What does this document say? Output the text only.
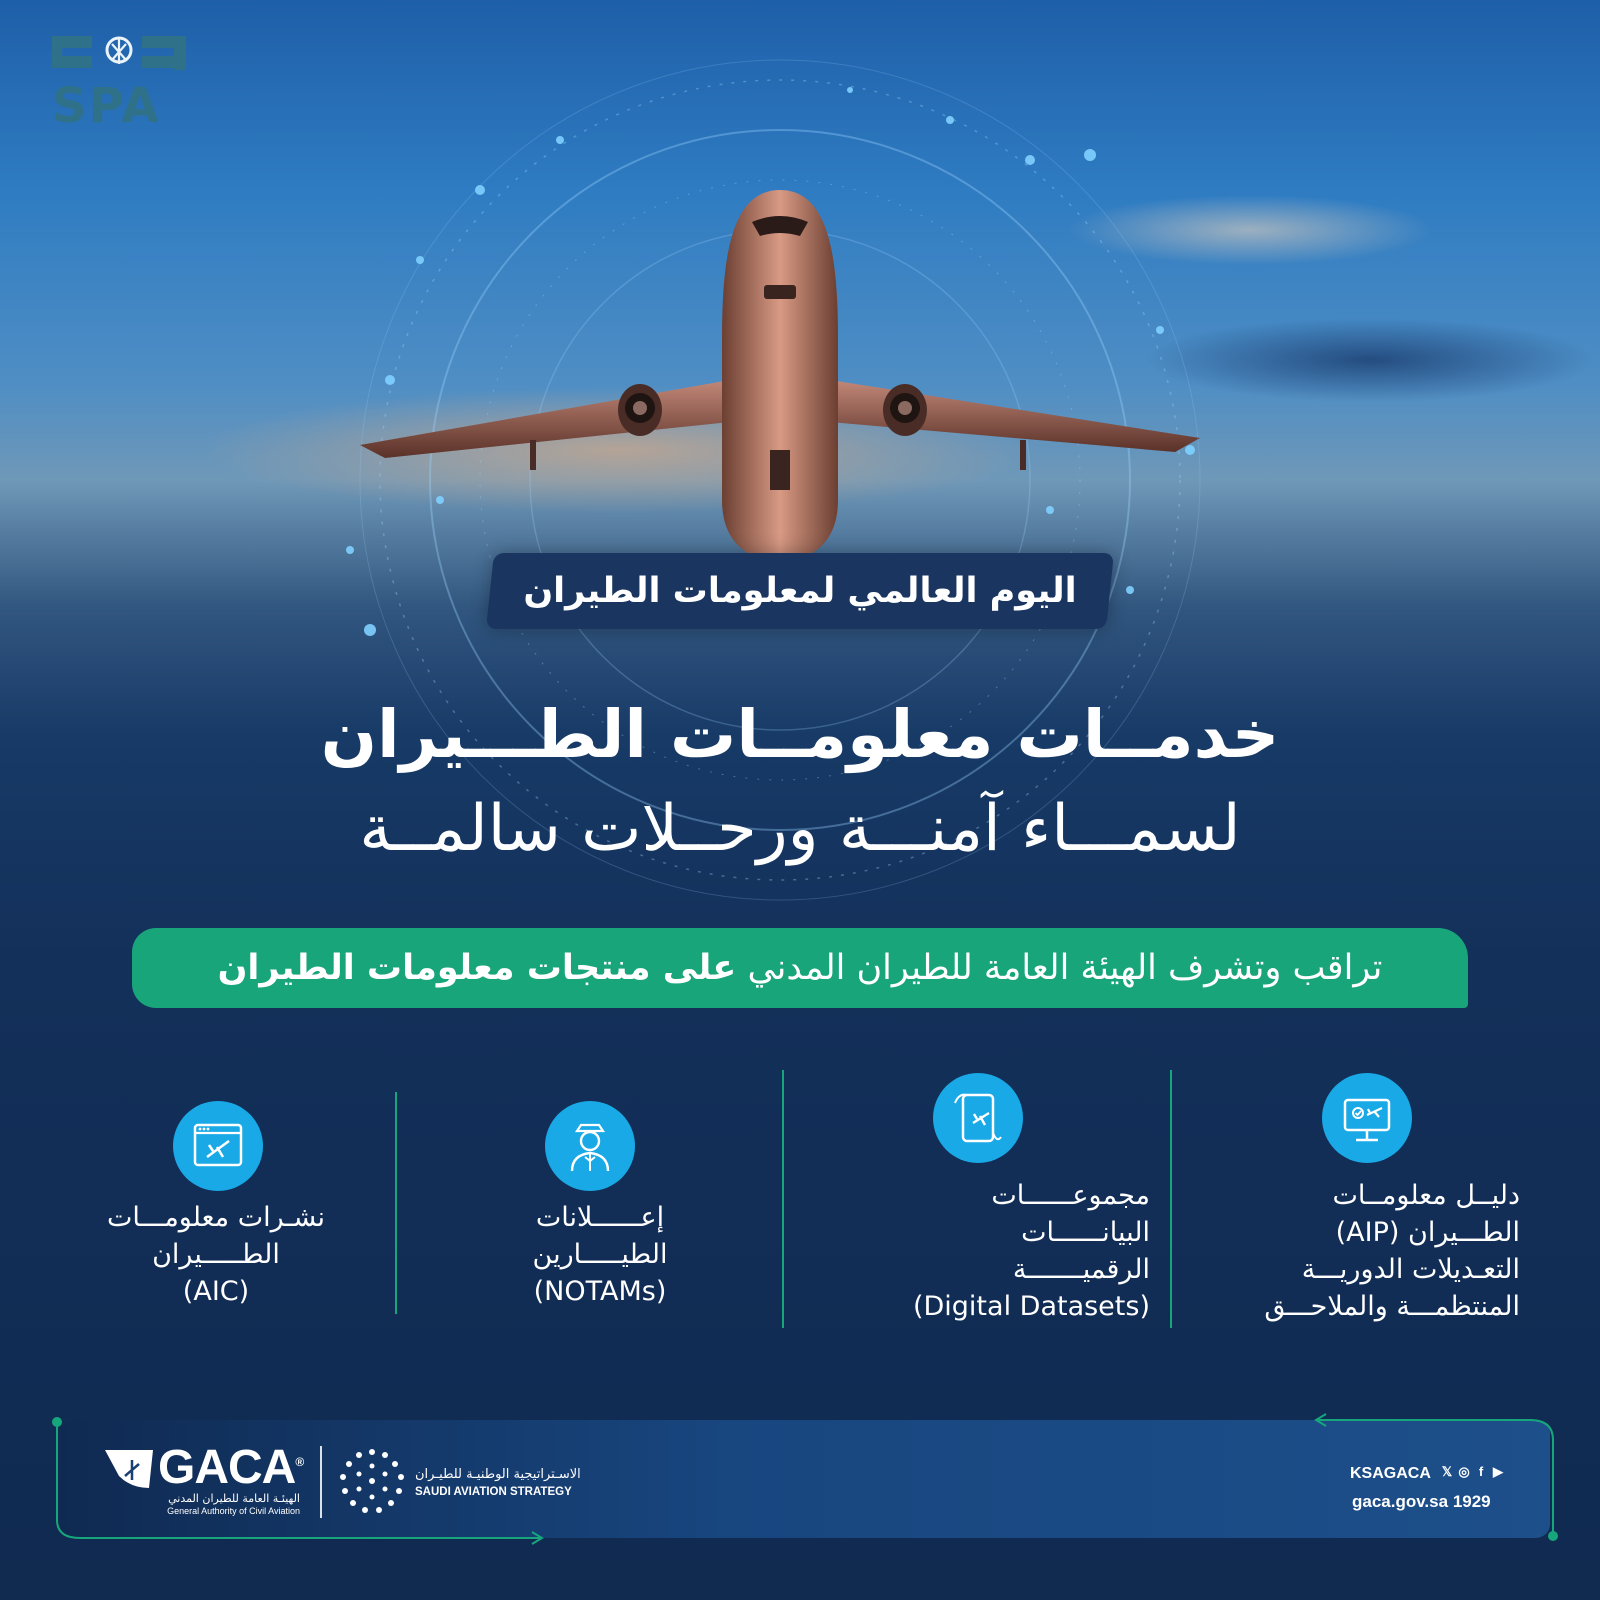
SPA
اليوم العالمي لمعلومات الطيران
خدمــات معلومــات الطـــيران
لسمـــاء آمنـــة ورحــلات سالمــة
تراقب وتشرف الهيئة العامة للطيران المدني على منتجات معلومات الطيران
دليــل معلومــات
الطـــيران (AIP)
التعـديلات الدوريـــة
المنتظمـــة والملاحـــق
مجموعــــــات
البيانــــــات
الرقميـــــــة
(Digital Datasets)
إعــــــلانات
الطيـــــارين
(NOTAMs)
نشـرات معلومـــات
الطـــــيران
(AIC)
GACA®
الهيئـة العامة للطيران المدني
General Authority of Civil Aviation
الاسـتراتيجية الوطنيـة للطيـران
SAUDI AVIATION STRATEGY
KSAGACA 𝕏 ◎ f ▶
gaca.gov.sa 1929
